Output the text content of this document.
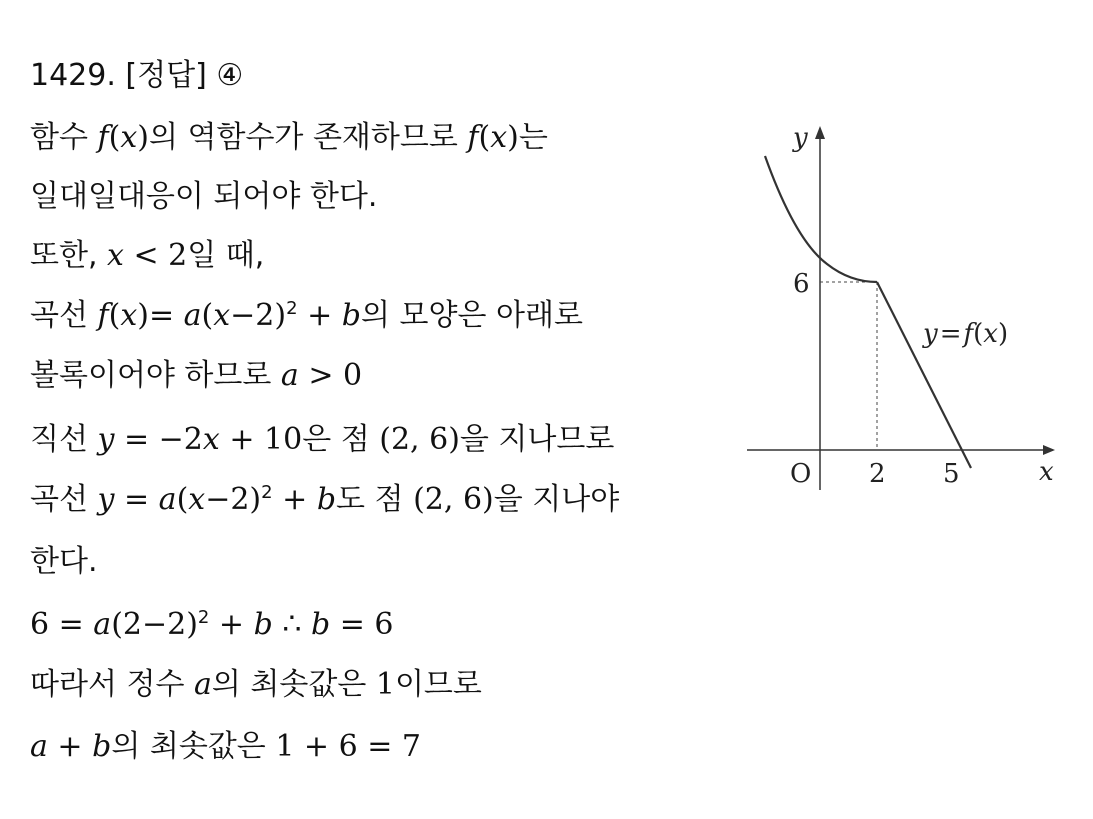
1429. [정답] ④
함수 f(x)의 역함수가 존재하므로 f(x)는
일대일대응이 되어야 한다.
또한, x < 2일 때,
곡선 $f(x)= a(x-2)^2 + b$의 모양은 아래로
볼록이어야 하므로 a > 0
직선 y = −2x + 10은 점 (2, 6)을 지나므로
곡선 $y = a(x-2)^2 + b$도 점 (2, 6)을 지나야
한다.
$6 = a(2-2)^2 + b$ ∴ b = 6
따라서 정수 a의 최솟값은 1이므로
a + b의 최솟값은 1 + 6 = 7
y
x
O
6
2 5
y=f(x)
